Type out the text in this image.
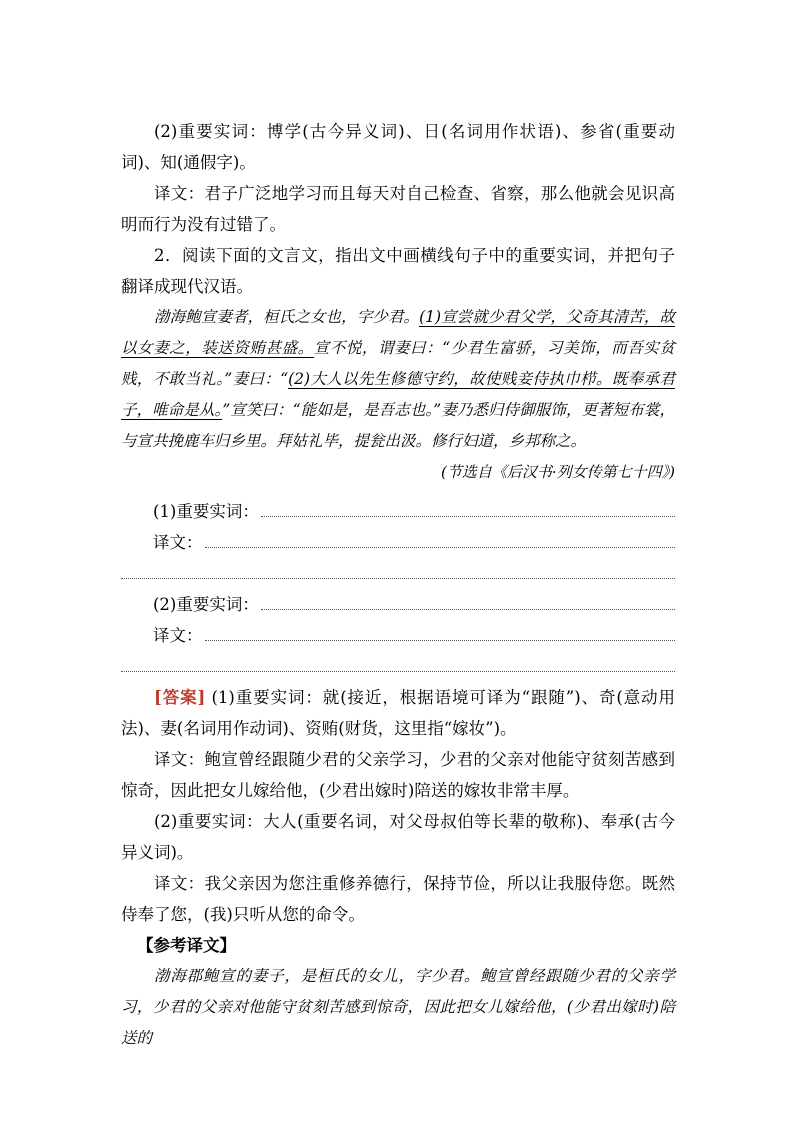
(2)重要实词：博学(古今异义词)、日(名词用作状语)、参省(重要动词)、知(通假字)。

译文：君子广泛地学习而且每天对自己检查、省察，那么他就会见识高明而行为没有过错了。

2．阅读下面的文言文，指出文中画横线句子中的重要实词，并把句子翻译成现代汉语。

渤海鲍宣妻者，桓氏之女也，字少君。(1)宣尝就少君父学，父奇其清苦，故以女妻之，装送资贿甚盛。宣不悦，谓妻曰：“少君生富骄，习美饰，而吾实贫贱，不敢当礼。”妻曰：“(2)大人以先生修德守约，故使贱妾侍执巾栉。既奉承君子，唯命是从。”宣笑曰：“能如是，是吾志也。”妻乃悉归侍御服饰，更著短布裳，与宣共挽鹿车归乡里。拜姑礼毕，提瓮出汲。修行妇道，乡邦称之。

(节选自《后汉书·列女传第七十四》)
(1)重要实词：
译文：
(2)重要实词：
译文：

[答案] (1)重要实词：就(接近，根据语境可译为“跟随”)、奇(意动用法)、妻(名词用作动词)、资贿(财货，这里指“嫁妆”)。

译文：鲍宣曾经跟随少君的父亲学习，少君的父亲对他能守贫刻苦感到惊奇，因此把女儿嫁给他，(少君出嫁时)陪送的嫁妆非常丰厚。

(2)重要实词：大人(重要名词，对父母叔伯等长辈的敬称)、奉承(古今异义词)。

译文：我父亲因为您注重修养德行，保持节俭，所以让我服侍您。既然侍奉了您，(我)只听从您的命令。

【参考译文】

渤海郡鲍宣的妻子，是桓氏的女儿，字少君。鲍宣曾经跟随少君的父亲学习，少君的父亲对他能守贫刻苦感到惊奇，因此把女儿嫁给他，(少君出嫁时)陪送的
